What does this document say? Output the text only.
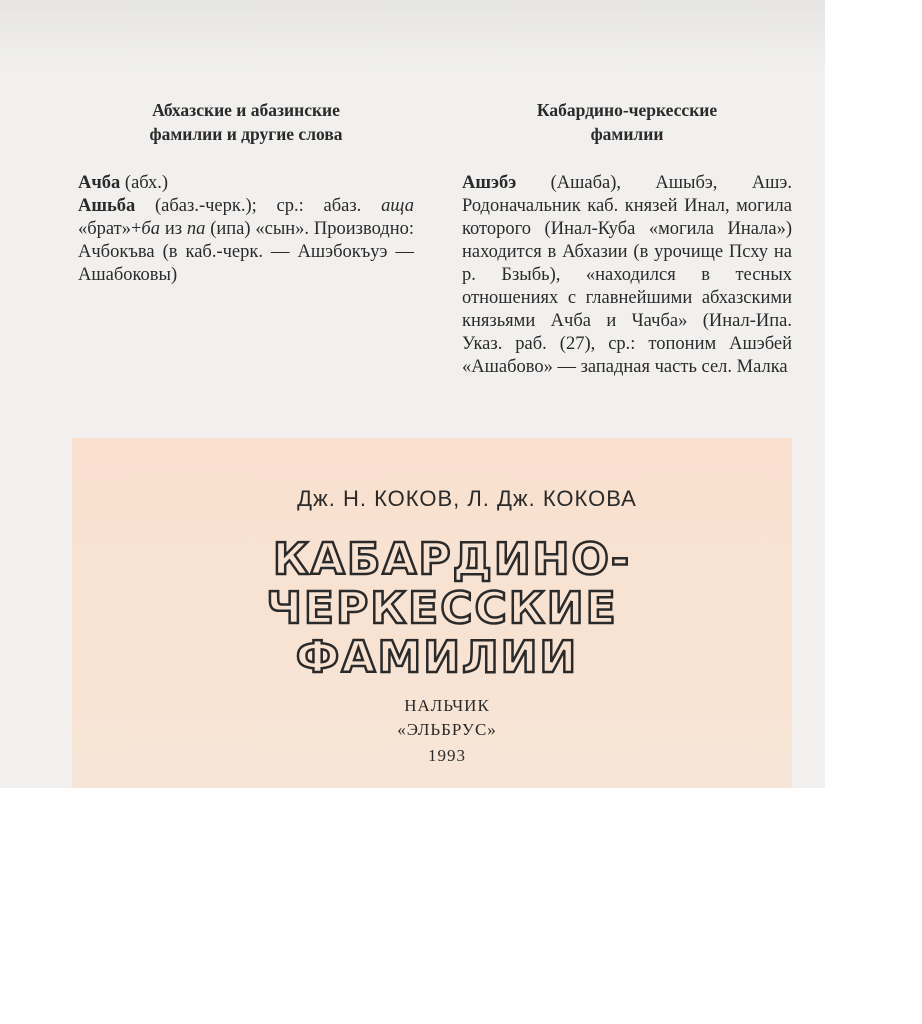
Абхазские и абазинские
фамилии и другие слова

Ачба (абх.)

Ашьба (абаз.-черк.); ср.: абаз. аща «брат»+ба из па (ипа) «сын». Производно: Ачбокъва (в каб.-черк. — Ашэбокъуэ — Ашабоковы)

Кабардино-черкесские
фамилии

Ашэбэ (Ашаба), Ашыбэ, Ашэ. Родоначальник каб. князей Инал, могила которого (Инал-Куба «могила Инала») находится в Абхазии (в урочище Псху на р. Бзыбь), «находился в тесных отношениях с главнейшими абхазскими князьями Ачба и Чачба» (Инал-Ипа. Указ. раб. (27), ср.: топоним Ашэбей «Ашабово» — западная часть сел. Малка

Дж. Н. КОКОВ, Л. Дж. КОКОВА
КАБАРДИНО-
ЧЕРКЕССКИЕ
ФАМИЛИИ
НАЛЬЧИК
«ЭЛЬБРУС»
1993
